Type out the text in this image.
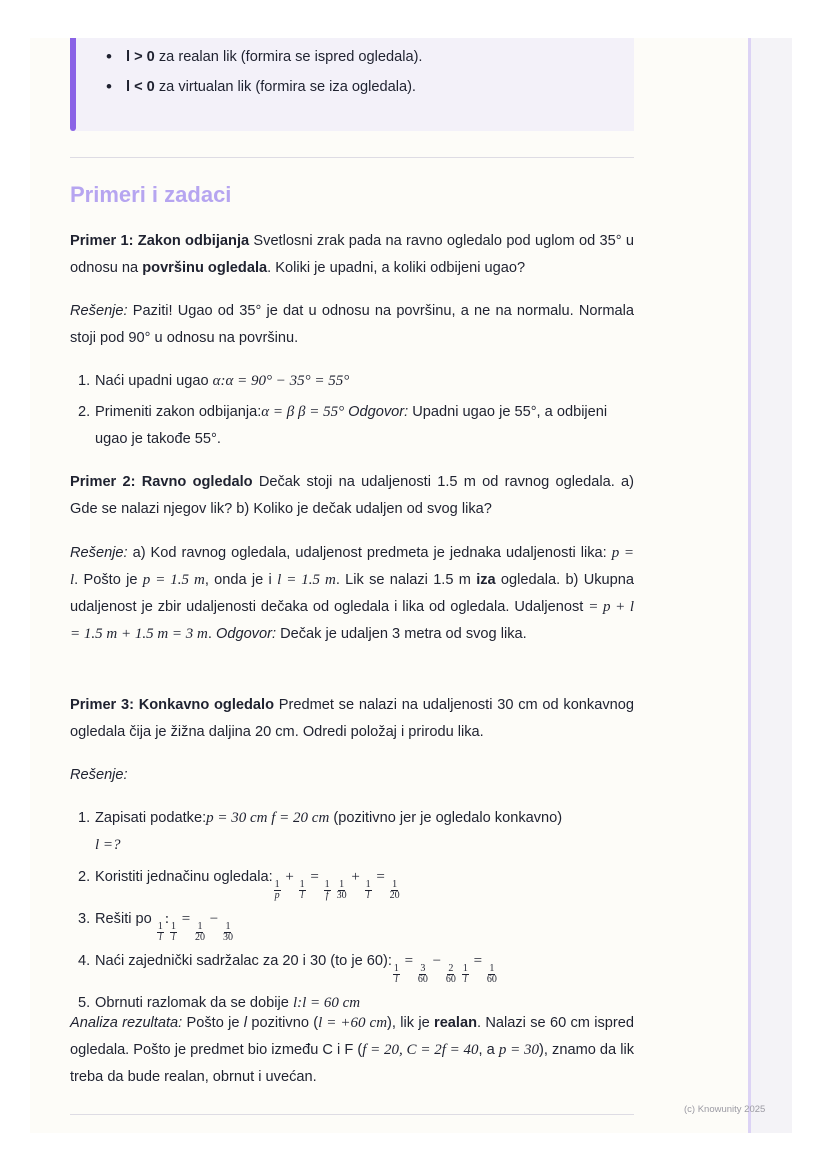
• l > 0 za realan lik (formira se ispred ogledala).
• l < 0 za virtualan lik (formira se iza ogledala).
Primeri i zadaci

Primer 1: Zakon odbijanja Svetlosni zrak pada na ravno ogledalo pod uglom od 35° u odnosu na površinu ogledala. Koliki je upadni, a koliki odbijeni ugao?

Rešenje: Paziti! Ugao od 35° je dat u odnosu na površinu, a ne na normalu. Normala stoji pod 90° u odnosu na površinu.

1. Naći upadni ugao α:α = 90° − 35° = 55°
2. Primeniti zakon odbijanja:α = β β = 55° Odgovor: Upadni ugao je 55°, a odbijeni ugao je takođe 55°.

Primer 2: Ravno ogledalo Dečak stoji na udaljenosti 1.5 m od ravnog ogledala. a) Gde se nalazi njegov lik? b) Koliko je dečak udaljen od svog lika?

Rešenje: a) Kod ravnog ogledala, udaljenost predmeta je jednaka udaljenosti lika: p = l. Pošto je p = 1.5 m, onda je i l = 1.5 m. Lik se nalazi 1.5 m iza ogledala. b) Ukupna udaljenost je zbir udaljenosti dečaka od ogledala i lika od ogledala. Udaljenost = p + l = 1.5 m + 1.5 m = 3 m. Odgovor: Dečak je udaljen 3 metra od svog lika.

Primer 3: Konkavno ogledalo Predmet se nalazi na udaljenosti 30 cm od konkavnog ogledala čija je žižna daljina 20 cm. Odredi položaj i prirodu lika.

Rešenje:

1. Zapisati podatke:p = 30 cm f = 20 cm (pozitivno jer je ogledalo konkavno)
l =?
2. Koristiti jednačinu ogledala:
$\frac{1}{p}$
+
$\frac{1}{l}$
=
$\frac{1}{f}$
$\frac{1}{30}$
+
$\frac{1}{l}$
=
$\frac{1}{20}$
3. Rešiti po
$\frac{1}{l}$
:
$\frac{1}{l}$
=
$\frac{1}{20}$
−
$\frac{1}{30}$
4. Naći zajednički sadržalac za 20 i 30 (to je 60):
$\frac{1}{l}$
=
$\frac{3}{60}$
−
$\frac{2}{60}$
$\frac{1}{l}$
=
$\frac{1}{60}$
5. Obrnuti razlomak da se dobije l:l = 60 cm

Analiza rezultata: Pošto je l pozitivno (l = +60 cm), lik je realan. Nalazi se 60 cm ispred ogledala. Pošto je predmet bio između C i F (f = 20, C = 2f = 40, a p = 30), znamo da lik treba da bude realan, obrnut i uvećan.

(c) Knowunity 2025
